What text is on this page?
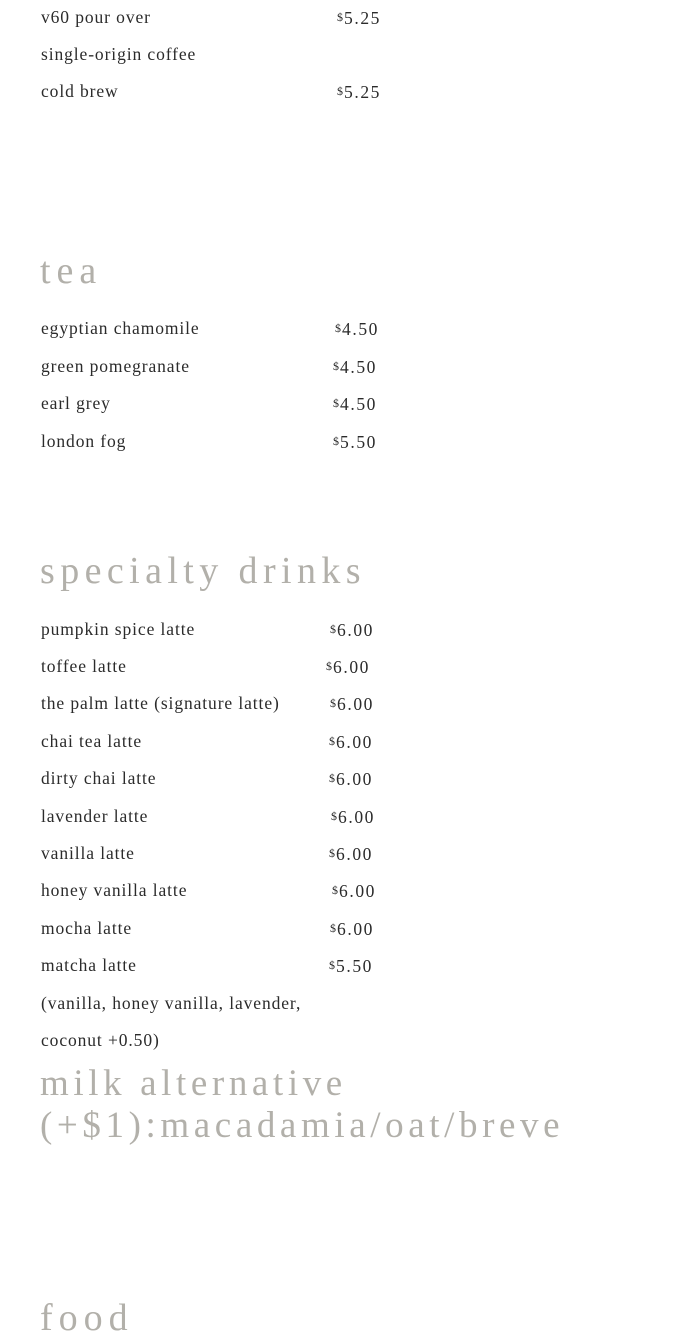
v60 pour over	$5.25
single-origin coffee
cold brew	$5.25
tea
egyptian chamomile	$4.50
green pomegranate	$4.50
earl grey	$4.50
london fog	$5.50
specialty drinks
pumpkin spice latte	$6.00
toffee latte	$6.00
the palm latte (signature latte)	$6.00
chai tea latte	$6.00
dirty chai latte	$6.00
lavender latte	$6.00
vanilla latte	$6.00
honey vanilla latte	$6.00
mocha latte	$6.00
matcha latte	$5.50
(vanilla, honey vanilla, lavender,
coconut +0.50)
milk alternative
(+$1):macadamia/oat/breve
food
